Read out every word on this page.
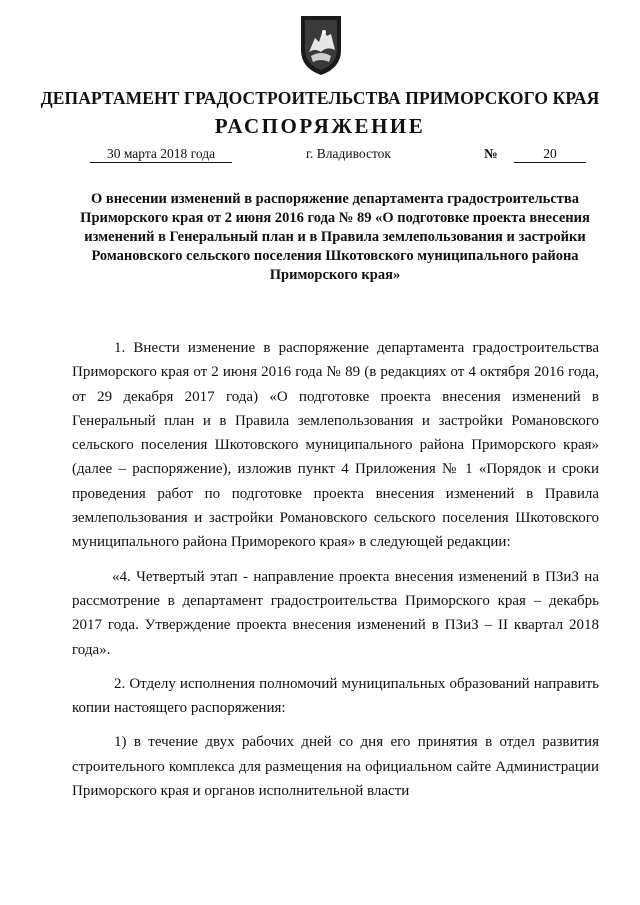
ДЕПАРТАМЕНТ ГРАДОСТРОИТЕЛЬСТВА ПРИМОРСКОГО КРАЯ
РАСПОРЯЖЕНИЕ
30 марта 2018 года	г. Владивосток	№	20
О внесении изменений в распоряжение департамента градостроительства Приморского края от 2 июня 2016 года № 89 «О подготовке проекта внесения изменений в Генеральный план и в Правила землепользования и застройки Романовского сельского поселения Шкотовского муниципального района Приморского края»

1. Внести изменение в распоряжение департамента градостроительства Приморского края от 2 июня 2016 года № 89 (в редакциях от 4 октября 2016 года, от 29 декабря 2017 года) «О подготовке проекта внесения изменений в Генеральный план и в Правила землепользования и застройки Романовского сельского поселения Шкотовского муниципального района Приморского края» (далее – распоряжение), изложив пункт 4 Приложения № 1 «Порядок и сроки проведения работ по подготовке проекта внесения изменений в Правила землепользования и застройки Романовского сельского поселения Шкотовского муниципального района Приморекого края» в следующей редакции:

«4. Четвертый этап - направление проекта внесения изменений в ПЗиЗ на рассмотрение в департамент градостроительства Приморского края – декабрь 2017 года. Утверждение проекта внесения изменений в ПЗиЗ – II квартал 2018 года».

2. Отделу исполнения полномочий муниципальных образований направить копии настоящего распоряжения:

1) в течение двух рабочих дней со дня его принятия в отдел развития строительного комплекса для размещения на официальном сайте Администрации Приморского края и органов исполнительной власти
